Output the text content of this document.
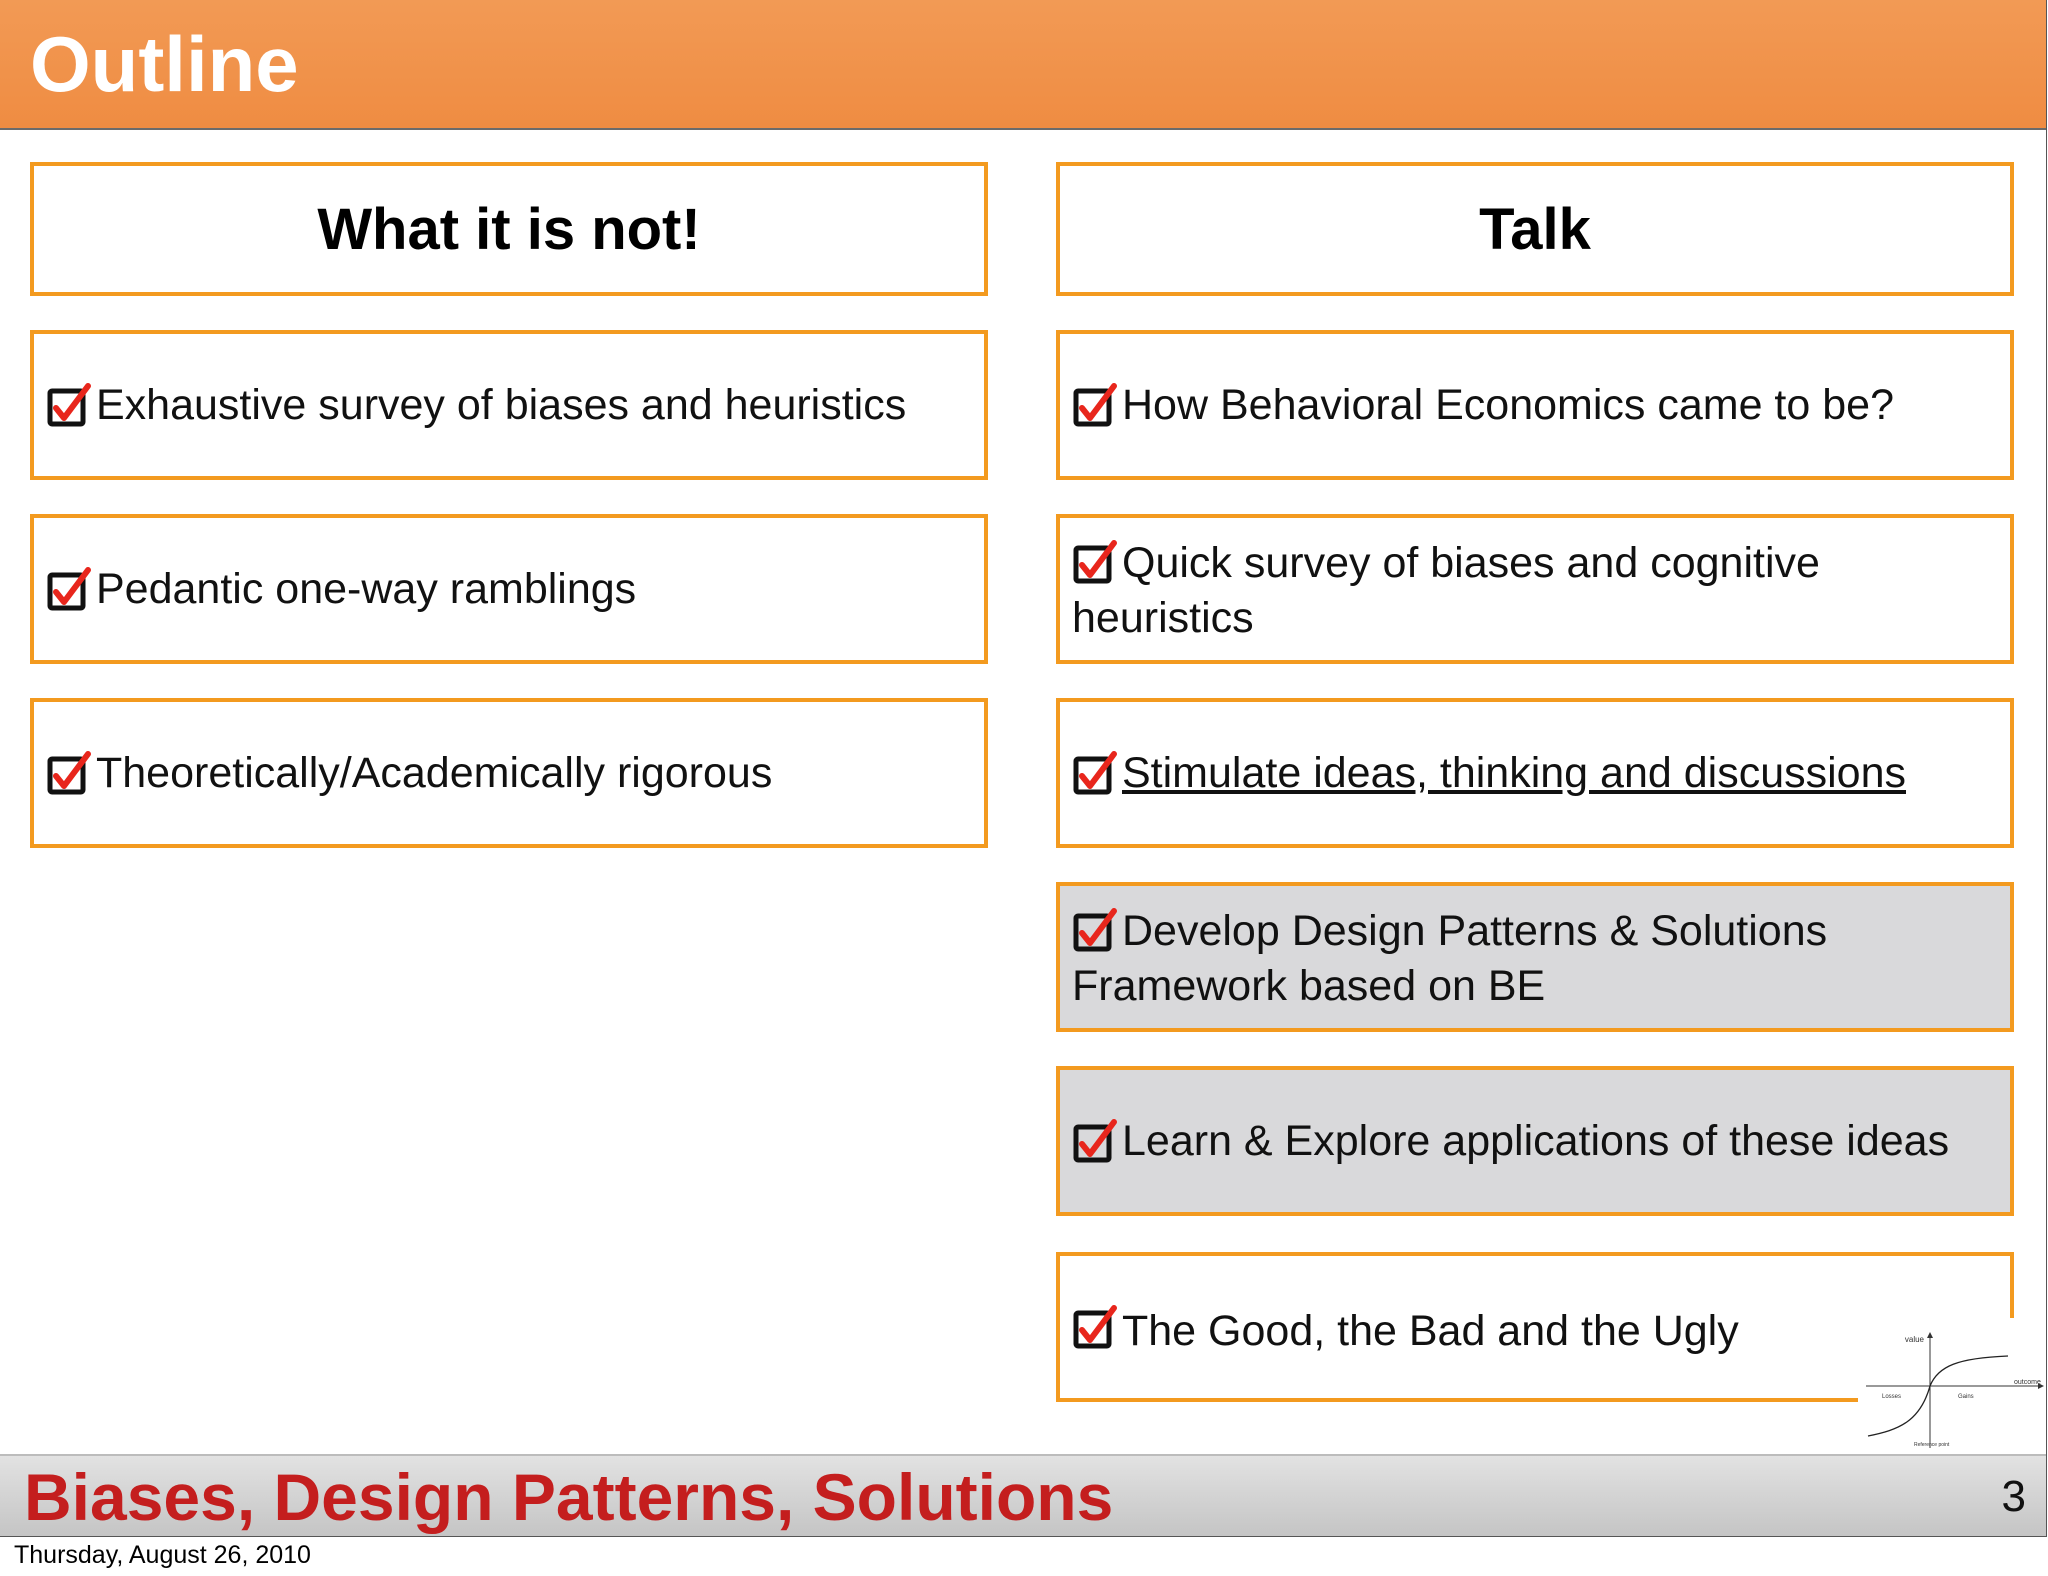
Outline
What it is not!
Exhaustive survey of biases and heuristics
Pedantic one-way ramblings
Theoretically/Academically rigorous
Talk
How Behavioral Economics came to be?
Quick survey of biases and cognitive heuristics
Stimulate ideas, thinking and discussions
Develop Design Patterns & Solutions Framework based on BE
Learn & Explore applications of these ideas
The Good, the Bad and the Ugly	value
outcome
Losses	Gains
Reference point
Biases, Design Patterns, Solutions	3
Thursday, August 26, 2010
